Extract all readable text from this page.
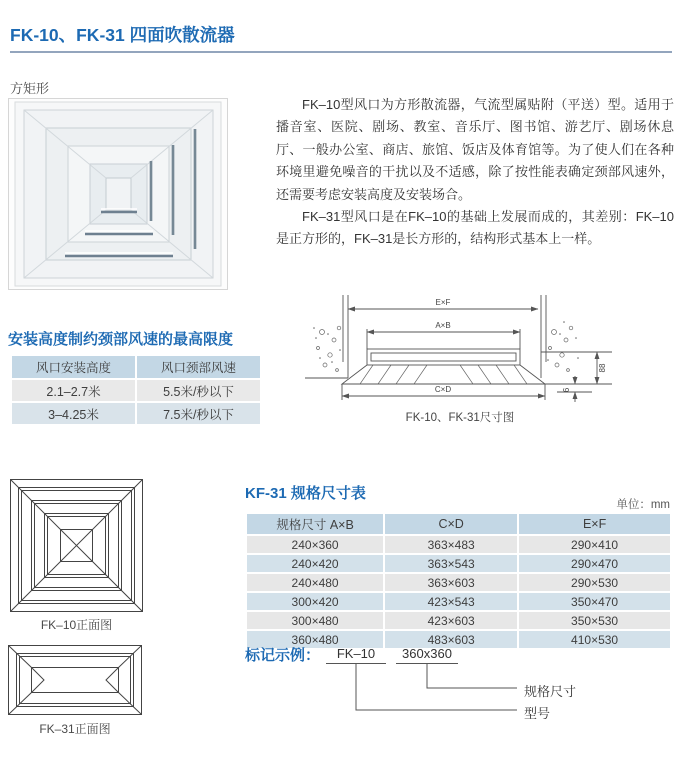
FK-10、FK-31 四面吹散流器
方矩形

FK–10型风口为方形散流器，气流型属贴附（平送）型。适用于播音室、医院、剧场、教室、音乐厅、图书馆、游艺厅、剧场休息厅、一般办公室、商店、旅馆、饭店及体育馆等。为了使人们在各种环境里避免噪音的干扰以及不适感，除了按性能表确定颈部风速外，还需要考虑安装高度及安装场合。

FK–31型风口是在FK–10的基础上发展而成的，其差别：FK–10是正方形的，FK–31是长方形的，结构形式基本上一样。

安装高度制约颈部风速的最高限度
风口安装高度	风口颈部风速
2.1–2.7米	5.5米/秒以下
3–4.25米	7.5米/秒以下
E×F
A×B
C×D
88
6
FK-10、FK-31尺寸图
KF-31 规格尺寸表
单位：mm
规格尺寸 A×B	C×D	E×F
240×360	363×483	290×410
240×420	363×543	290×470
240×480	363×603	290×530
300×420	423×543	350×470
300×480	423×603	350×530
360×480	483×603	410×530
标记示例：	FK–10	360x360
规格尺寸
型号
FK–10正面图
FK–31正面图
